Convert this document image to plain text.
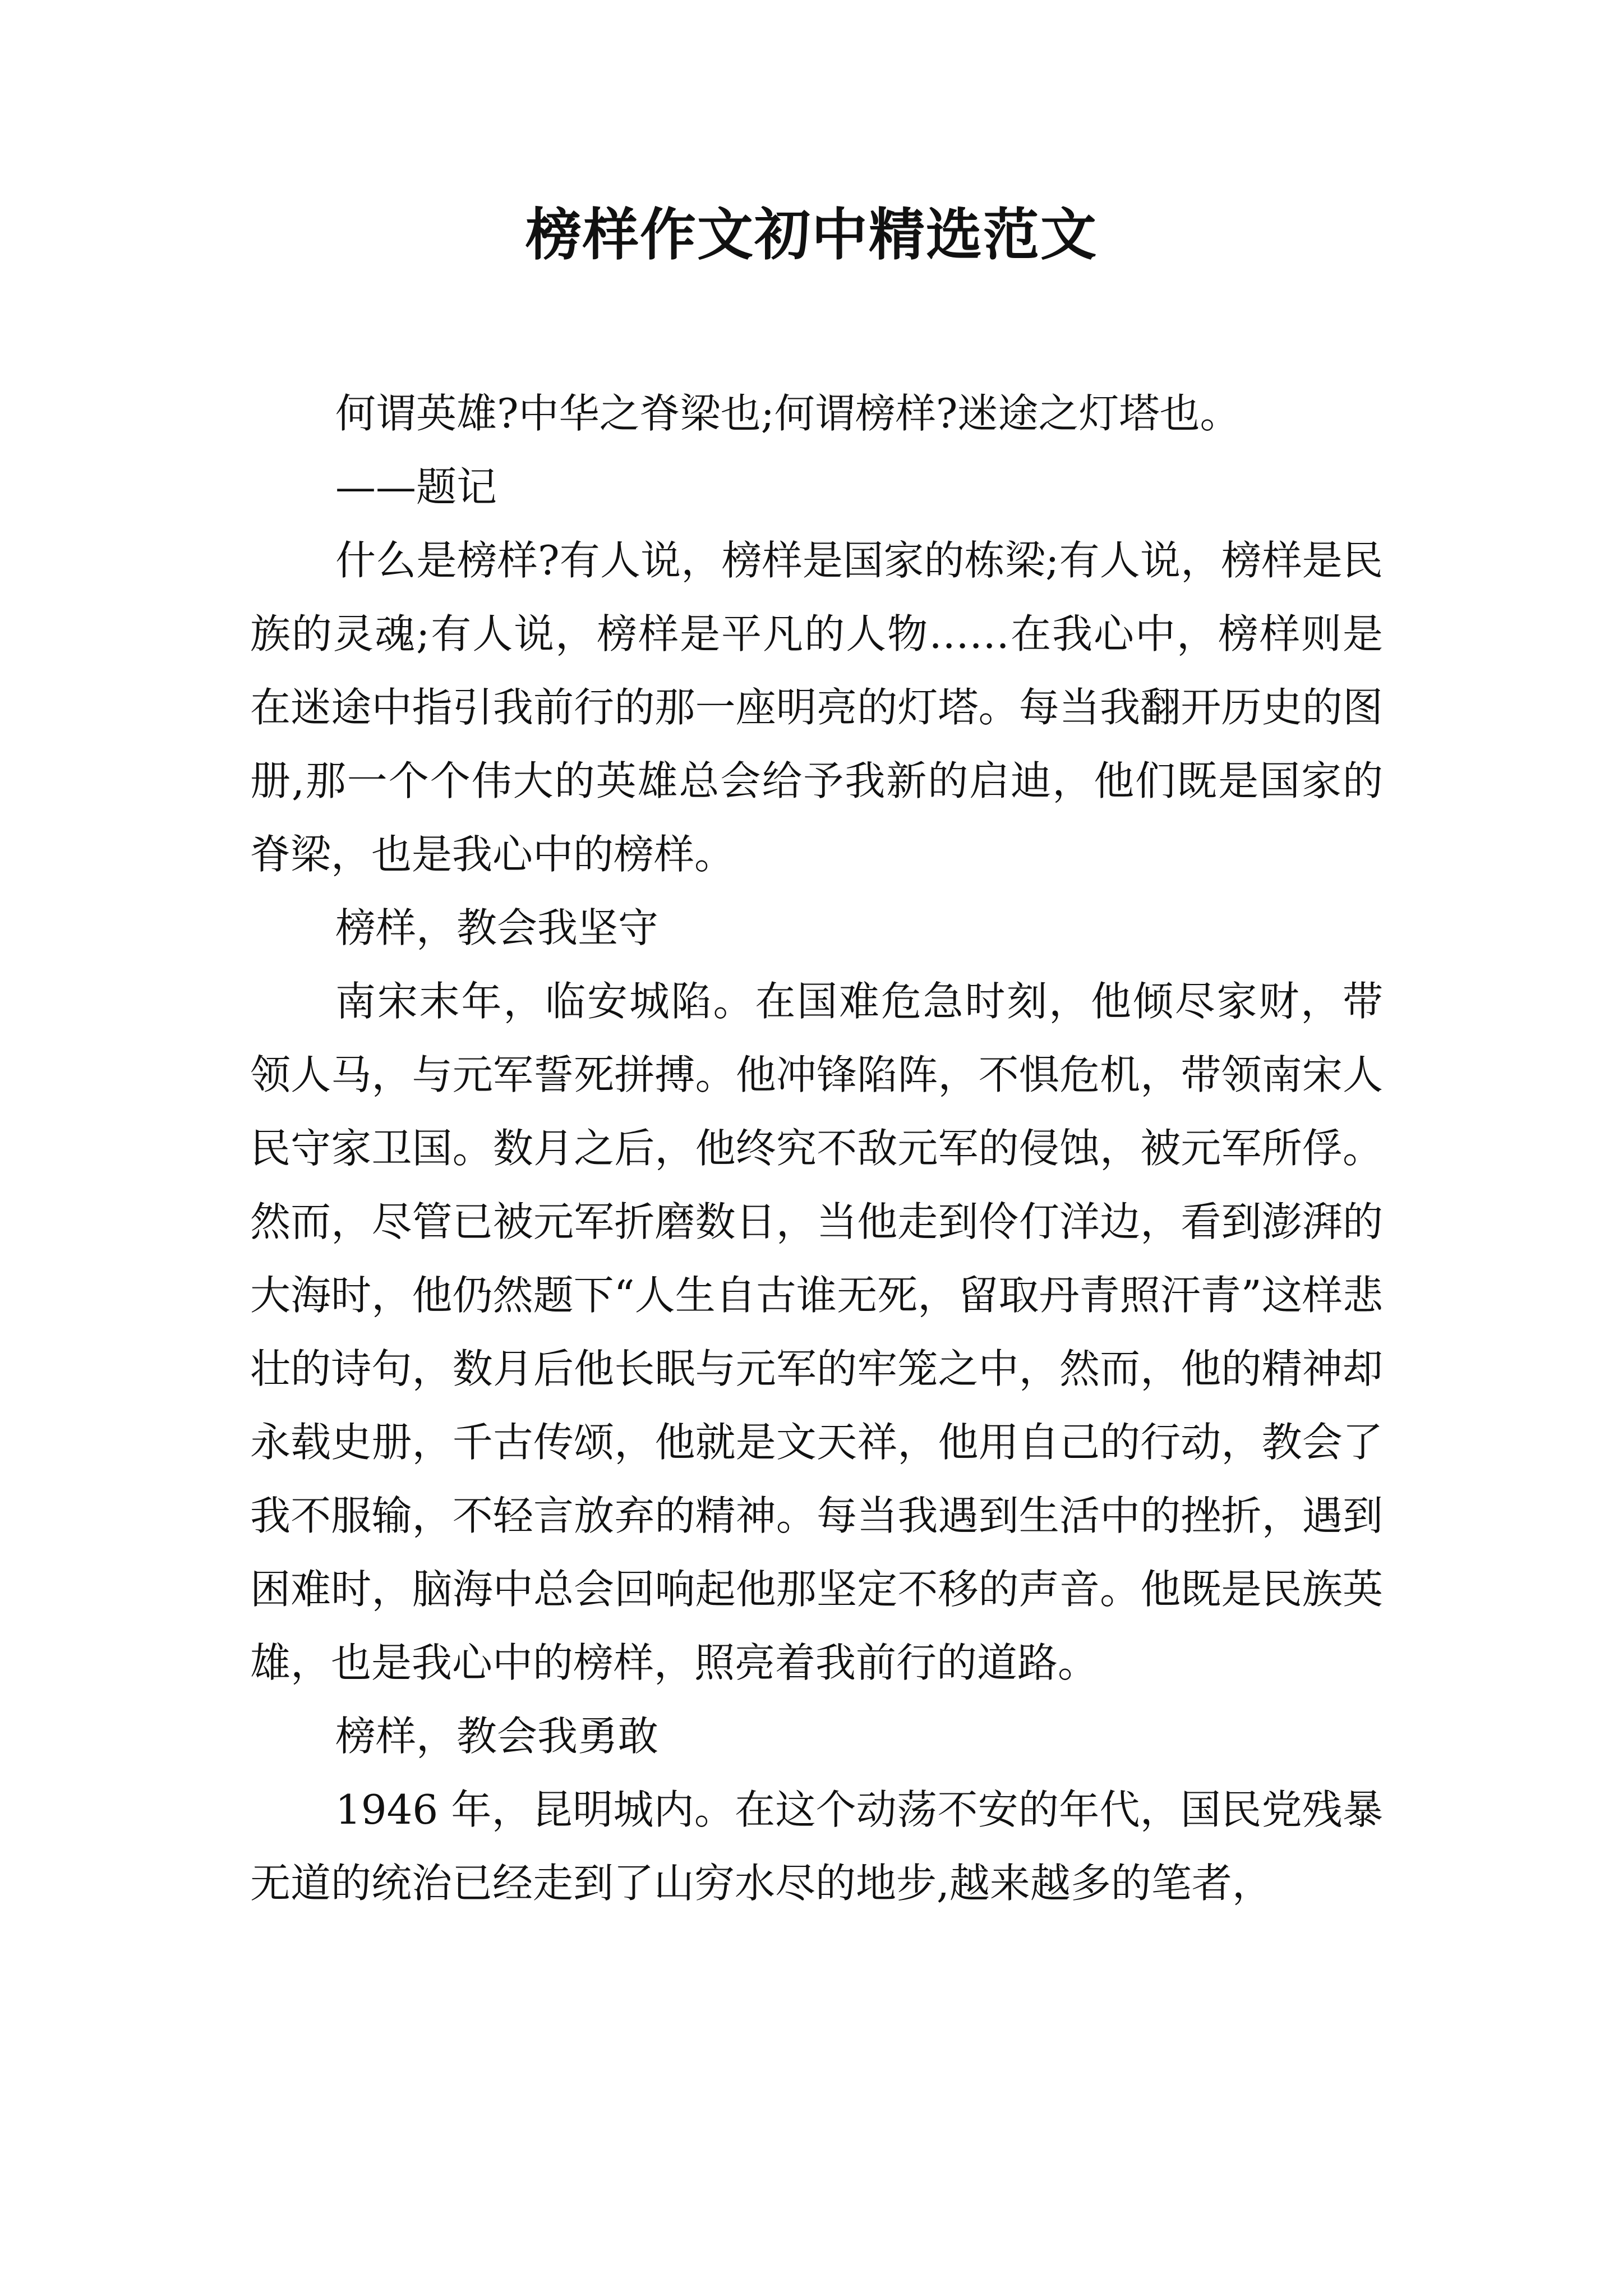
榜样作文初中精选范文

何谓英雄?中华之脊梁也;何谓榜样?迷途之灯塔也。

——题记

什么是榜样?有人说，榜样是国家的栋梁;有人说，榜样是民族的灵魂;有人说，榜样是平凡的人物……在我心中，榜样则是在迷途中指引我前行的那一座明亮的灯塔。每当我翻开历史的图册,那一个个伟大的英雄总会给予我新的启迪，他们既是国家的脊梁，也是我心中的榜样。

榜样，教会我坚守

南宋末年，临安城陷。在国难危急时刻，他倾尽家财，带领人马，与元军誓死拼搏。他冲锋陷阵，不惧危机，带领南宋人民守家卫国。数月之后，他终究不敌元军的侵蚀，被元军所俘。然而，尽管已被元军折磨数日，当他走到伶仃洋边，看到澎湃的大海时，他仍然题下“人生自古谁无死，留取丹青照汗青”这样悲壮的诗句，数月后他长眠与元军的牢笼之中，然而，他的精神却永载史册，千古传颂，他就是文天祥，他用自己的行动，教会了我不服输，不轻言放弃的精神。每当我遇到生活中的挫折，遇到困难时，脑海中总会回响起他那坚定不移的声音。他既是民族英雄，也是我心中的榜样，照亮着我前行的道路。

榜样，教会我勇敢

1946 年，昆明城内。在这个动荡不安的年代，国民党残暴无道的统治已经走到了山穷水尽的地步,越来越多的笔者，
